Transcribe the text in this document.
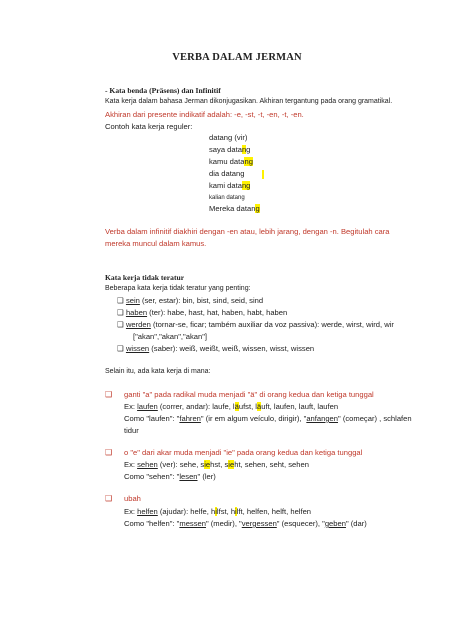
VERBA DALAM JERMAN
- Kata benda (Präsens) dan Infinitif
Kata kerja dalam bahasa Jerman dikonjugasikan. Akhiran tergantung pada orang gramatikal.
Akhiran dari presente indikatif adalah: -e, -st, -t, -en, -t, -en.
Contoh kata kerja reguler:
datang (vir)
saya datang
kamu datang
dia datang
kami datang
kalian datang
Mereka datang
Verba dalam infinitif diakhiri dengan -en atau, lebih jarang, dengan -n. Begitulah cara mereka muncul dalam kamus.
Kata kerja tidak teratur
Beberapa kata kerja tidak teratur yang penting:
❑ sein (ser, estar): bin, bist, sind, seid, sind
❑ haben (ter): habe, hast, hat, haben, habt, haben
❑ werden (tornar-se, ficar; também auxiliar da voz passiva): werde, wirst, wird, wir
["akan","akan","akan"]
❑ wissen (saber): weiß, weißt, weiß, wissen, wisst, wissen
Selain itu, ada kata kerja di mana:
❑ ganti "a" pada radikal muda menjadi "ä" di orang kedua dan ketiga tunggal
Ex: laufen (correr, andar): laufe, läufst, läuft, laufen, lauft, laufen
Como "laufen": "fahren" (ir em algum veículo, dirigir), "anfangen" (começar) , schlafen
tidur
❑ o "e" dari akar muda menjadi "ie" pada orang kedua dan ketiga tunggal
Ex: sehen (ver): sehe, siehst, sieht, sehen, seht, sehen
Como "sehen": "lesen" (ler)
❑ ubah
Ex: helfen (ajudar): helfe, hilfst, hilft, helfen, helft, helfen
Como "helfen": "messen" (medir), "vergessen" (esquecer), "geben" (dar)
